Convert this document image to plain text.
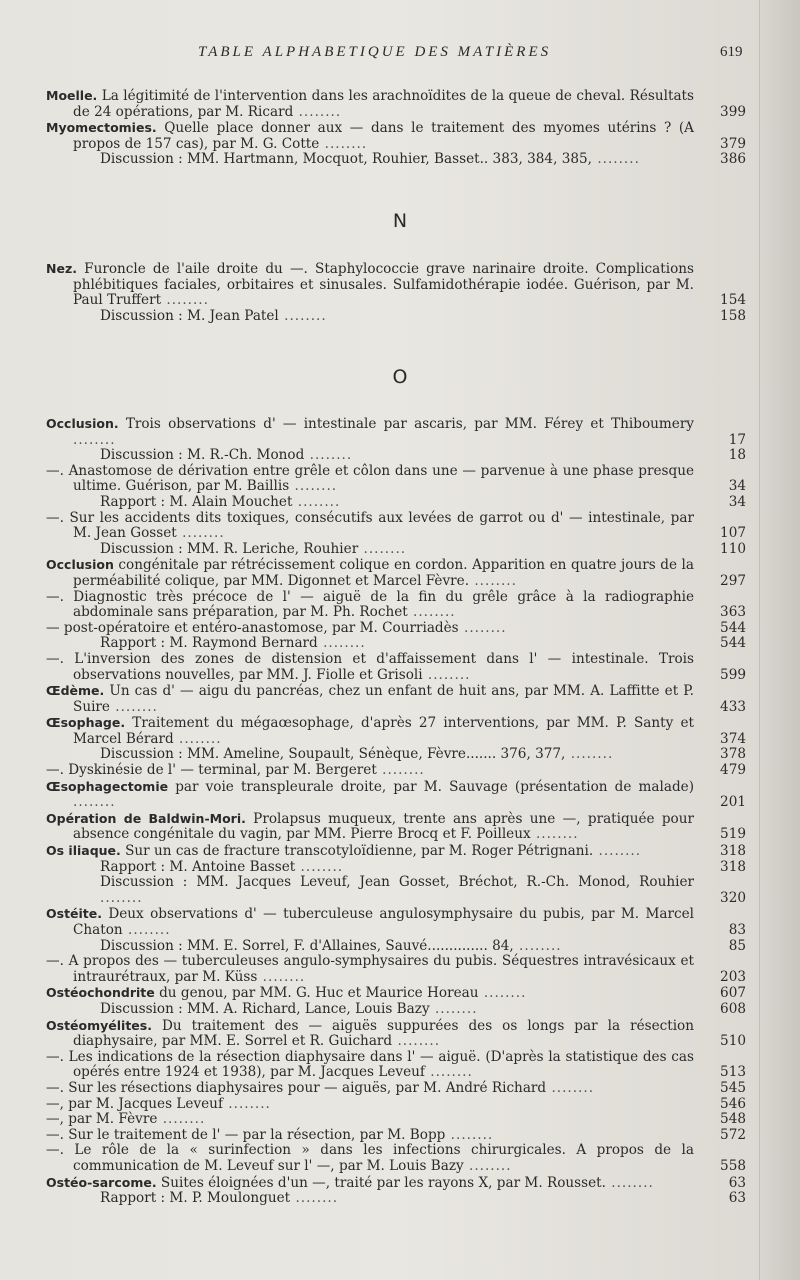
TABLE ALPHABETIQUE DES MATIÈRES	619
Moelle. La légitimité de l'intervention dans les arachnoïdites de la queue de cheval. Résultats de 24 opérations, par M. Ricard ........	399
Myomectomies. Quelle place donner aux — dans le traitement des myomes utérins ? (A propos de 157 cas), par M. G. Cotte ........	379
Discussion : MM. Hartmann, Mocquot, Rouhier, Basset.. 383, 384, 385, ........	386
N
Nez. Furoncle de l'aile droite du —. Staphylococcie grave narinaire droite. Complications phlébitiques faciales, orbitaires et sinusales. Sulfamidothérapie iodée. Guérison, par M. Paul Truffert ........	154
Discussion : M. Jean Patel ........	158
O
Occlusion. Trois observations d' — intestinale par ascaris, par MM. Férey et Thiboumery ........	17
Discussion : M. R.-Ch. Monod ........	18
—. Anastomose de dérivation entre grêle et côlon dans une — parvenue à une phase presque ultime. Guérison, par M. Baillis ........	34
Rapport : M. Alain Mouchet ........	34
—. Sur les accidents dits toxiques, consécutifs aux levées de garrot ou d' — intestinale, par M. Jean Gosset ........	107
Discussion : MM. R. Leriche, Rouhier ........	110
Occlusion congénitale par rétrécissement colique en cordon. Apparition en quatre jours de la perméabilité colique, par MM. Digonnet et Marcel Fèvre. ........	297
—. Diagnostic très précoce de l' — aiguë de la fin du grêle grâce à la radiographie abdominale sans préparation, par M. Ph. Rochet ........	363
— post-opératoire et entéro-anastomose, par M. Courriadès ........	544
Rapport : M. Raymond Bernard ........	544
—. L'inversion des zones de distension et d'affaissement dans l' — intestinale. Trois observations nouvelles, par MM. J. Fiolle et Grisoli ........	599
Œdème. Un cas d' — aigu du pancréas, chez un enfant de huit ans, par MM. A. Laffitte et P. Suire ........	433
Œsophage. Traitement du mégaœsophage, d'après 27 interventions, par MM. P. Santy et Marcel Bérard ........	374
Discussion : MM. Ameline, Soupault, Sénèque, Fèvre....... 376, 377, ........	378
—. Dyskinésie de l' — terminal, par M. Bergeret ........	479
Œsophagectomie par voie transpleurale droite, par M. Sauvage (présentation de malade) ........	201
Opération de Baldwin-Mori. Prolapsus muqueux, trente ans après une —, pratiquée pour absence congénitale du vagin, par MM. Pierre Brocq et F. Poilleux ........	519
Os iliaque. Sur un cas de fracture transcotyloïdienne, par M. Roger Pétrignani. ........	318
Rapport : M. Antoine Basset ........	318
Discussion : MM. Jacques Leveuf, Jean Gosset, Bréchot, R.-Ch. Monod, Rouhier ........	320
Ostéite. Deux observations d' — tuberculeuse angulosymphysaire du pubis, par M. Marcel Chaton ........	83
Discussion : MM. E. Sorrel, F. d'Allaines, Sauvé.............. 84, ........	85
—. A propos des — tuberculeuses angulo-symphysaires du pubis. Séquestres intravésicaux et intraurétraux, par M. Küss ........	203
Ostéochondrite du genou, par MM. G. Huc et Maurice Horeau ........	607
Discussion : MM. A. Richard, Lance, Louis Bazy ........	608
Ostéomyélites. Du traitement des — aiguës suppurées des os longs par la résection diaphysaire, par MM. E. Sorrel et R. Guichard ........	510
—. Les indications de la résection diaphysaire dans l' — aiguë. (D'après la statistique des cas opérés entre 1924 et 1938), par M. Jacques Leveuf ........	513
—. Sur les résections diaphysaires pour — aiguës, par M. André Richard ........	545
—, par M. Jacques Leveuf ........	546
—, par M. Fèvre ........	548
—. Sur le traitement de l' — par la résection, par M. Bopp ........	572
—. Le rôle de la « surinfection » dans les infections chirurgicales. A propos de la communication de M. Leveuf sur l' —, par M. Louis Bazy ........	558
Ostéo-sarcome. Suites éloignées d'un —, traité par les rayons X, par M. Rousset. ........	63
Rapport : M. P. Moulonguet ........	63
